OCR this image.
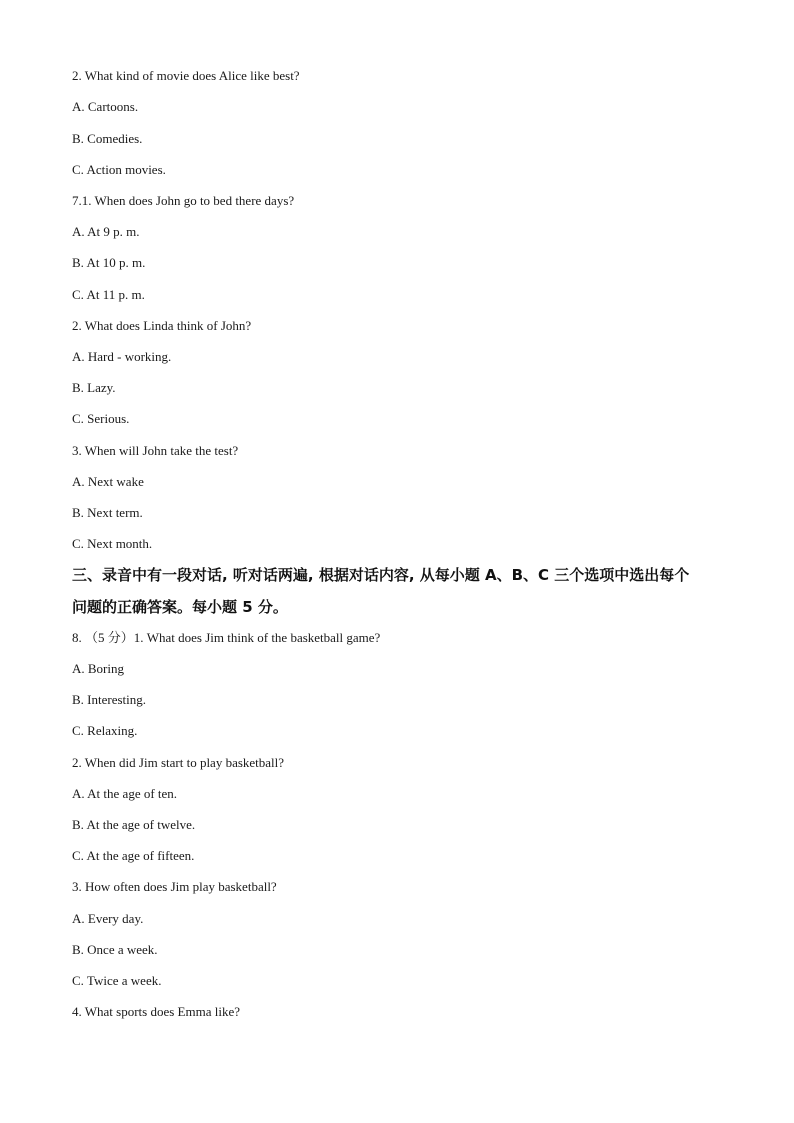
2. What kind of movie does Alice like best?
A. Cartoons.
B. Comedies.
C. Action movies.
7.1. When does John go to bed there days?
A. At 9 p. m.
B. At 10 p. m.
C. At 11 p. m.
2. What does Linda think of John?
A. Hard - working.
B. Lazy.
C. Serious.
3. When will John take the test?
A. Next wake
B. Next term.
C. Next month.
三、录音中有一段对话, 听对话两遍, 根据对话内容, 从每小题 A、B、C 三个选项中选出每个
问题的正确答案。每小题 5 分。
8. （5 分）1. What does Jim think of the basketball game?
A. Boring
B. Interesting.
C. Relaxing.
2. When did Jim start to play basketball?
A. At the age of ten.
B. At the age of twelve.
C. At the age of fifteen.
3. How often does Jim play basketball?
A. Every day.
B. Once a week.
C. Twice a week.
4. What sports does Emma like?
